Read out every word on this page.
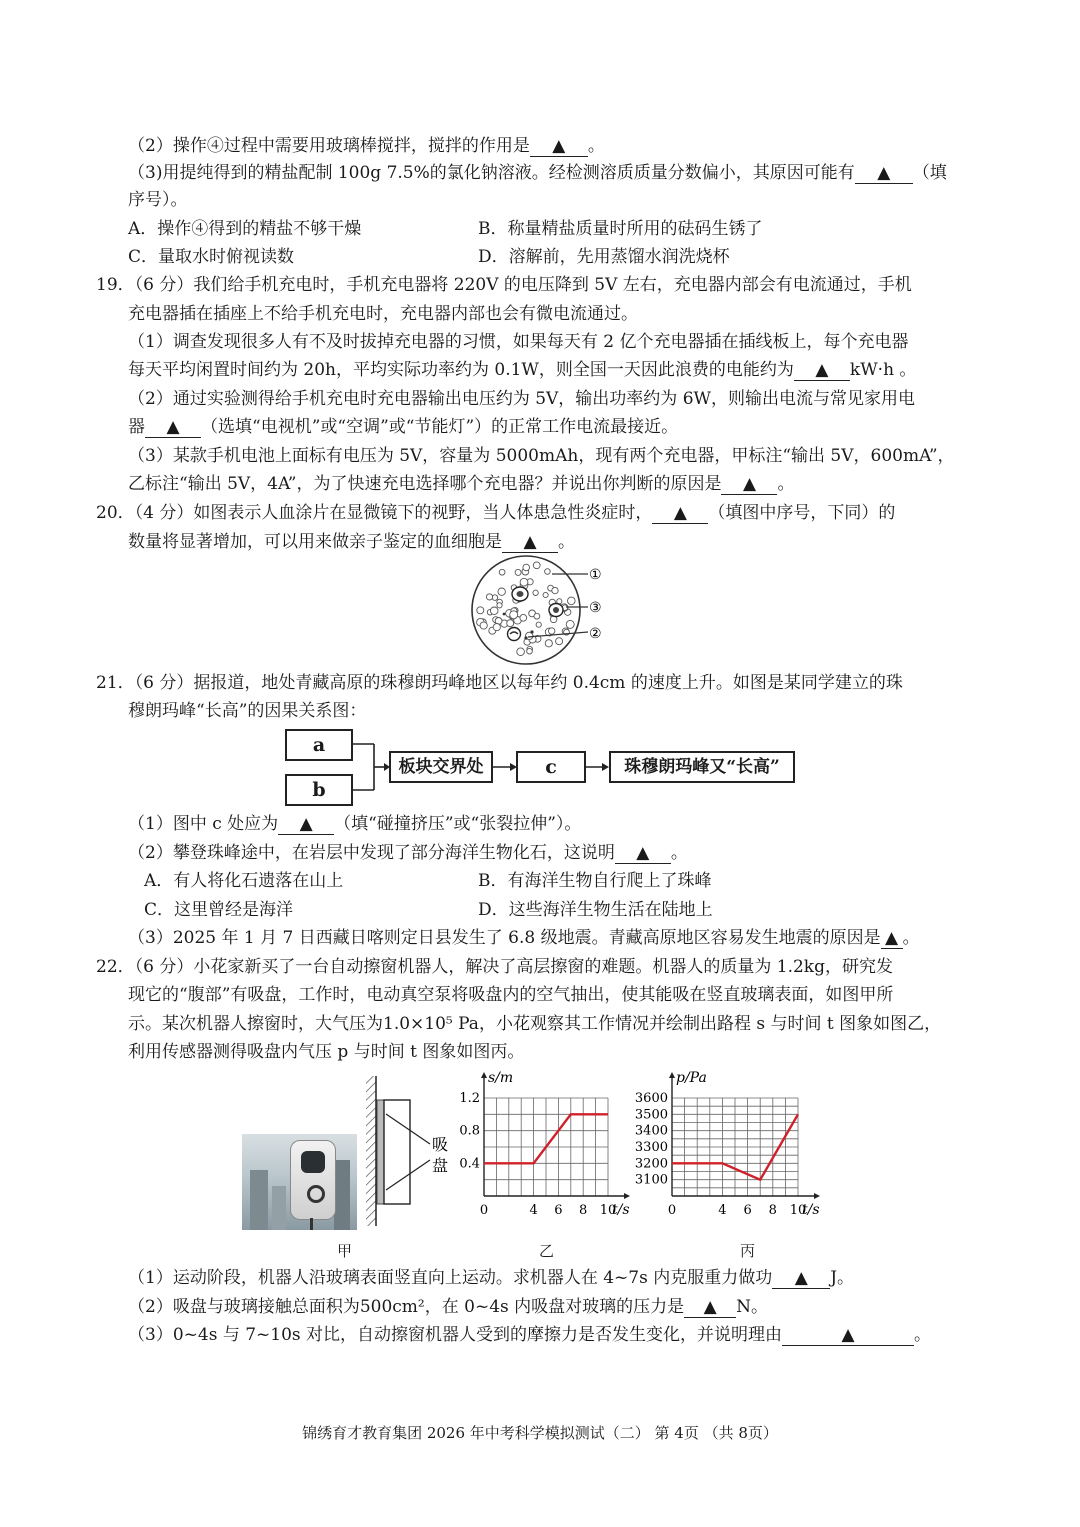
（2）操作④过程中需要用玻璃棒搅拌，搅拌的作用是 ▲ 。
（3)用提纯得到的精盐配制 100g 7.5%的氯化钠溶液。经检测溶质质量分数偏小，其原因可能有 ▲ （填
序号）。
A．操作④得到的精盐不够干燥	B．称量精盐质量时所用的砝码生锈了
C．量取水时俯视读数	D．溶解前，先用蒸馏水润洗烧杯
19．（6 分）我们给手机充电时，手机充电器将 220V 的电压降到 5V 左右，充电器内部会有电流通过，手机
充电器插在插座上不给手机充电时，充电器内部也会有微电流通过。
（1）调查发现很多人有不及时拔掉充电器的习惯，如果每天有 2 亿个充电器插在插线板上，每个充电器
每天平均闲置时间约为 20h，平均实际功率约为 0.1W，则全国一天因此浪费的电能约为 ▲ kW·h 。
（2）通过实验测得给手机充电时充电器输出电压约为 5V，输出功率约为 6W，则输出电流与常见家用电
器 ▲ （选填“电视机”或“空调”或“节能灯”）的正常工作电流最接近。
（3）某款手机电池上面标有电压为 5V，容量为 5000mAh，现有两个充电器，甲标注“输出 5V，600mA”，
乙标注“输出 5V，4A”，为了快速充电选择哪个充电器？并说出你判断的原因是 ▲ 。
20．（4 分）如图表示人血涂片在显微镜下的视野，当人体患急性炎症时， ▲ （填图中序号，下同）的
数量将显著增加，可以用来做亲子鉴定的血细胞是 ▲ 。
①
③
②
21．（6 分）据报道，地处青藏高原的珠穆朗玛峰地区以每年约 0.4cm 的速度上升。如图是某同学建立的珠
穆朗玛峰“长高”的因果关系图：
a
b
板块交界处	c	珠穆朗玛峰又“长高”
（1）图中 c 处应为 ▲ （填“碰撞挤压”或“张裂拉伸”）。
（2）攀登珠峰途中，在岩层中发现了部分海洋生物化石，这说明 ▲ 。
A．有人将化石遗落在山上	B．有海洋生物自行爬上了珠峰
C．这里曾经是海洋	D．这些海洋生物生活在陆地上
（3）2025 年 1 月 7 日西藏日喀则定日县发生了 6.8 级地震。青藏高原地区容易发生地震的原因是 ▲ 。
22．（6 分）小花家新买了一台自动擦窗机器人，解决了高层擦窗的难题。机器人的质量为 1.2kg，研究发
现它的“腹部”有吸盘，工作时，电动真空泵将吸盘内的空气抽出，使其能吸在竖直玻璃表面，如图甲所
示。某次机器人擦窗时，大气压为1.0×10⁵ Pa，小花观察其工作情况并绘制出路程 s 与时间 t 图象如图乙，
利用传感器测得吸盘内气压 p 与时间 t 图象如图丙。
吸
盘
0	4 6 8 10
0.4
0.8
1.2
t/s
s/m
0	4 6 8 10
3100
3200
3300
3400
3500
3600
t/s
p/Pa
甲	乙	丙
（1）运动阶段，机器人沿玻璃表面竖直向上运动。求机器人在 4~7s 内克服重力做功 ▲ J。
（2）吸盘与玻璃接触总面积为500cm²，在 0~4s 内吸盘对玻璃的压力是 ▲ N。
（3）0~4s 与 7~10s 对比，自动擦窗机器人受到的摩擦力是否发生变化，并说明理由	▲	。
锦绣育才教育集团 2026 年中考科学模拟测试（二） 第 4页 （共 8页）
